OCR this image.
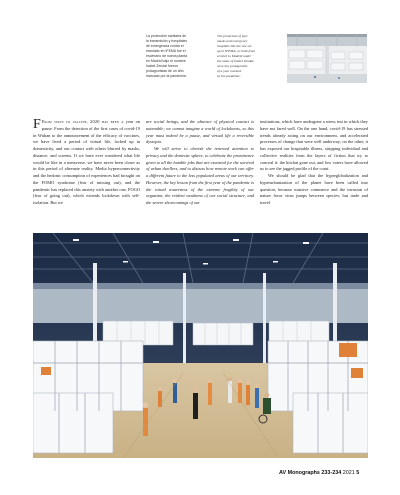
La protección sanitaria de
la transmisión y hospitales
de emergencia contra el
mandato en IFEMA fue el
escenario de nueva planta
en Madrid bajo el nombre
Isabel Zendal fueron
protagonistas de un año
marcado por la pandemia.
The protection of face
masks and emergency
hospitals like the one set
up in IFEMA, or built from
scratch in Madrid under
the name of Isabel Zendal,
were key protagonists
of a year marked
by the pandemic.

F From virus to vaccine, 2020 has been a year on pause. From the detection of the first cases of covid-19 in Wuhan to the announcement of the efficacy of vaccines, we have lived a period of virtual life, locked up in domesticity, and our contact with others blurred by masks, distance, and screens. If we have ever wondered what life would be like in a metaverse, we have never been closer as in this period of alternate reality. Media hyperconnectivity and the hedonic consumption of experiences had brought on the FOMO syndrome (fear of missing out), and the pandemic has replaced this anxiety with another one, FOGO (fear of going out), which extends lockdown with self-isolation. But we

are social beings, and the absence of physical contact is untenable; we cannot imagine a world of lockdowns, so this year must indeed be a pause, and virtual life a reversible dystopia.

We will strive to cherish the renewed attention to privacy and the domestic sphere, to celebrate the prominence given to all the humble jobs that are essential for the survival of urban dwellers, and to discuss how remote work can offer a different future to the less populated areas of our territory. However, the key lesson from the first year of the pandemic is the raised awareness of the extreme fragility of our organism, the evident weakness of our social structure, and the severe shortcomings of our

institutions, which have undergone a stress test in which they have not fared well. On the one hand, covid-19 has stressed trends already acting on our environment, and accelerated processes of change that were well underway; on the other, it has exposed our hospitable illness, stripping individual and collective realities from the layers of fiction that try to conceal it: the hitchat gone out, and low voters have allowed us to see the jagged profile of the coast.

We should be glad that the hyperglobalization and hyperurbanization of the planet have been called into question, because massive commerce and the invasion of nature favor virus jumps between species; but trade and travel

AV Monographs 233-234 2021 5
